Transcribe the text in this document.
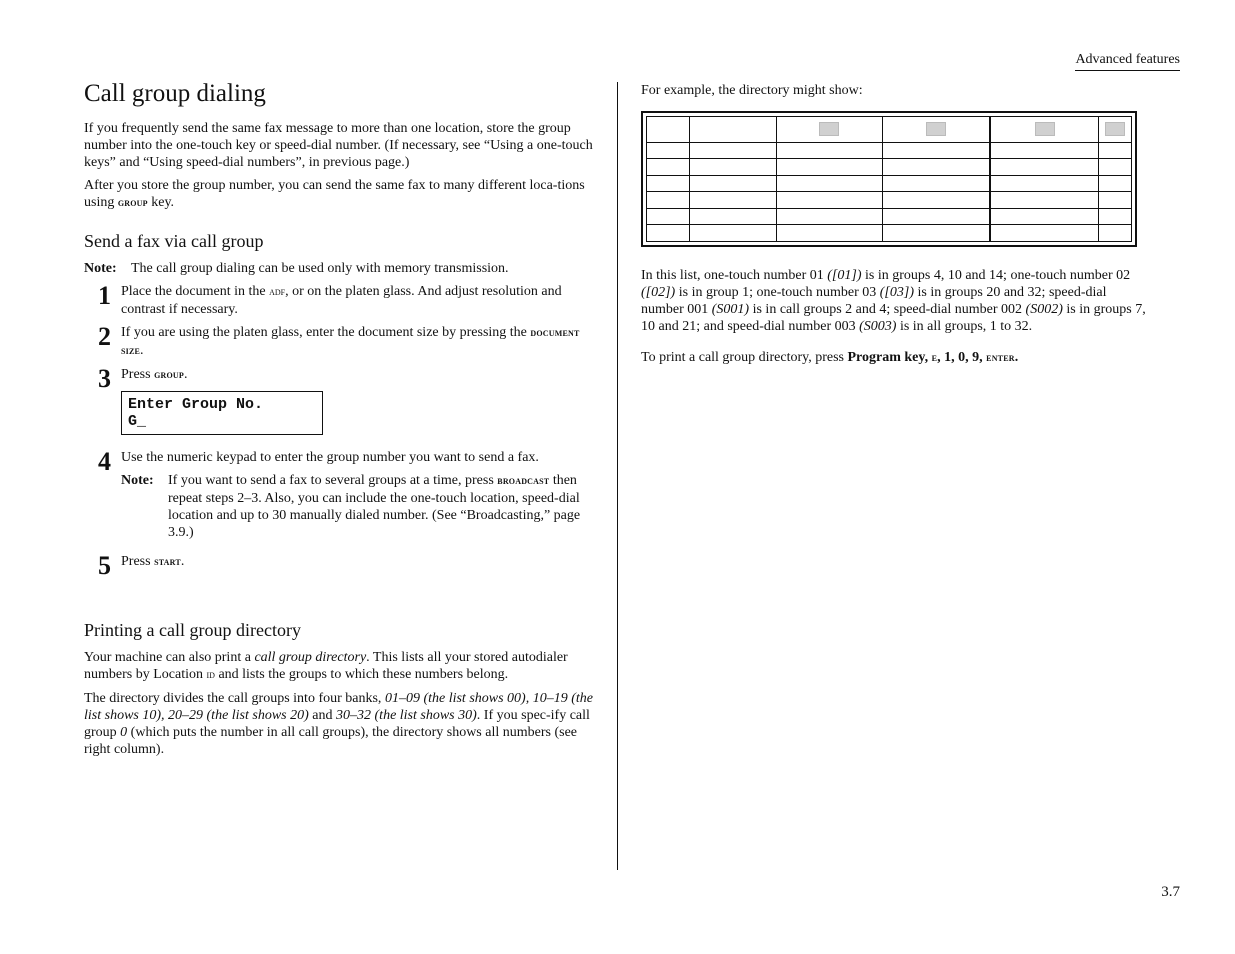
Advanced features
3.7
Call group dialing

If you frequently send the same fax message to more than one location, store the group number into the one-touch key or speed-dial number. (If necessary, see “Using a one-touch keys” and “Using speed-dial numbers”, in previous page.)

After you store the group number, you can send the same fax to many different loca-tions using group key.

Send a fax via call group
Note:	The call group dialing can be used only with memory transmission.
1 Place the document in the adf, or on the platen glass. And adjust resolution and contrast if necessary.
2 If you are using the platen glass, enter the document size by pressing the document size.
3 Press group.
Enter Group No.
G_
4 Use the numeric keypad to enter the group number you want to send a fax.
Note:	If you want to send a fax to several groups at a time, press broadcast then repeat steps 2–3. Also, you can include the one-touch location, speed-dial location and up to 30 manually dialed number. (See “Broadcasting,” page 3.9.)
5 Press start.
Printing a call group directory

Your machine can also print a call group directory. This lists all your stored autodialer numbers by Location id and lists the groups to which these numbers belong.

The directory divides the call groups into four banks, 01–09 (the list shows 00), 10–19 (the list shows 10), 20–29 (the list shows 20) and 30–32 (the list shows 30). If you spec-ify call group 0 (which puts the number in all call groups), the directory shows all numbers (see right column).

For example, the directory might show:

In this list, one-touch number 01 ([01]) is in groups 4, 10 and 14; one-touch number 02 ([02]) is in group 1; one-touch number 03 ([03]) is in groups 20 and 32; speed-dial number 001 (S001) is in call groups 2 and 4; speed-dial number 002 (S002) is in groups 7, 10 and 21; and speed-dial number 003 (S003) is in all groups, 1 to 32.

To print a call group directory, press Program key, e, 1, 0, 9, enter.
